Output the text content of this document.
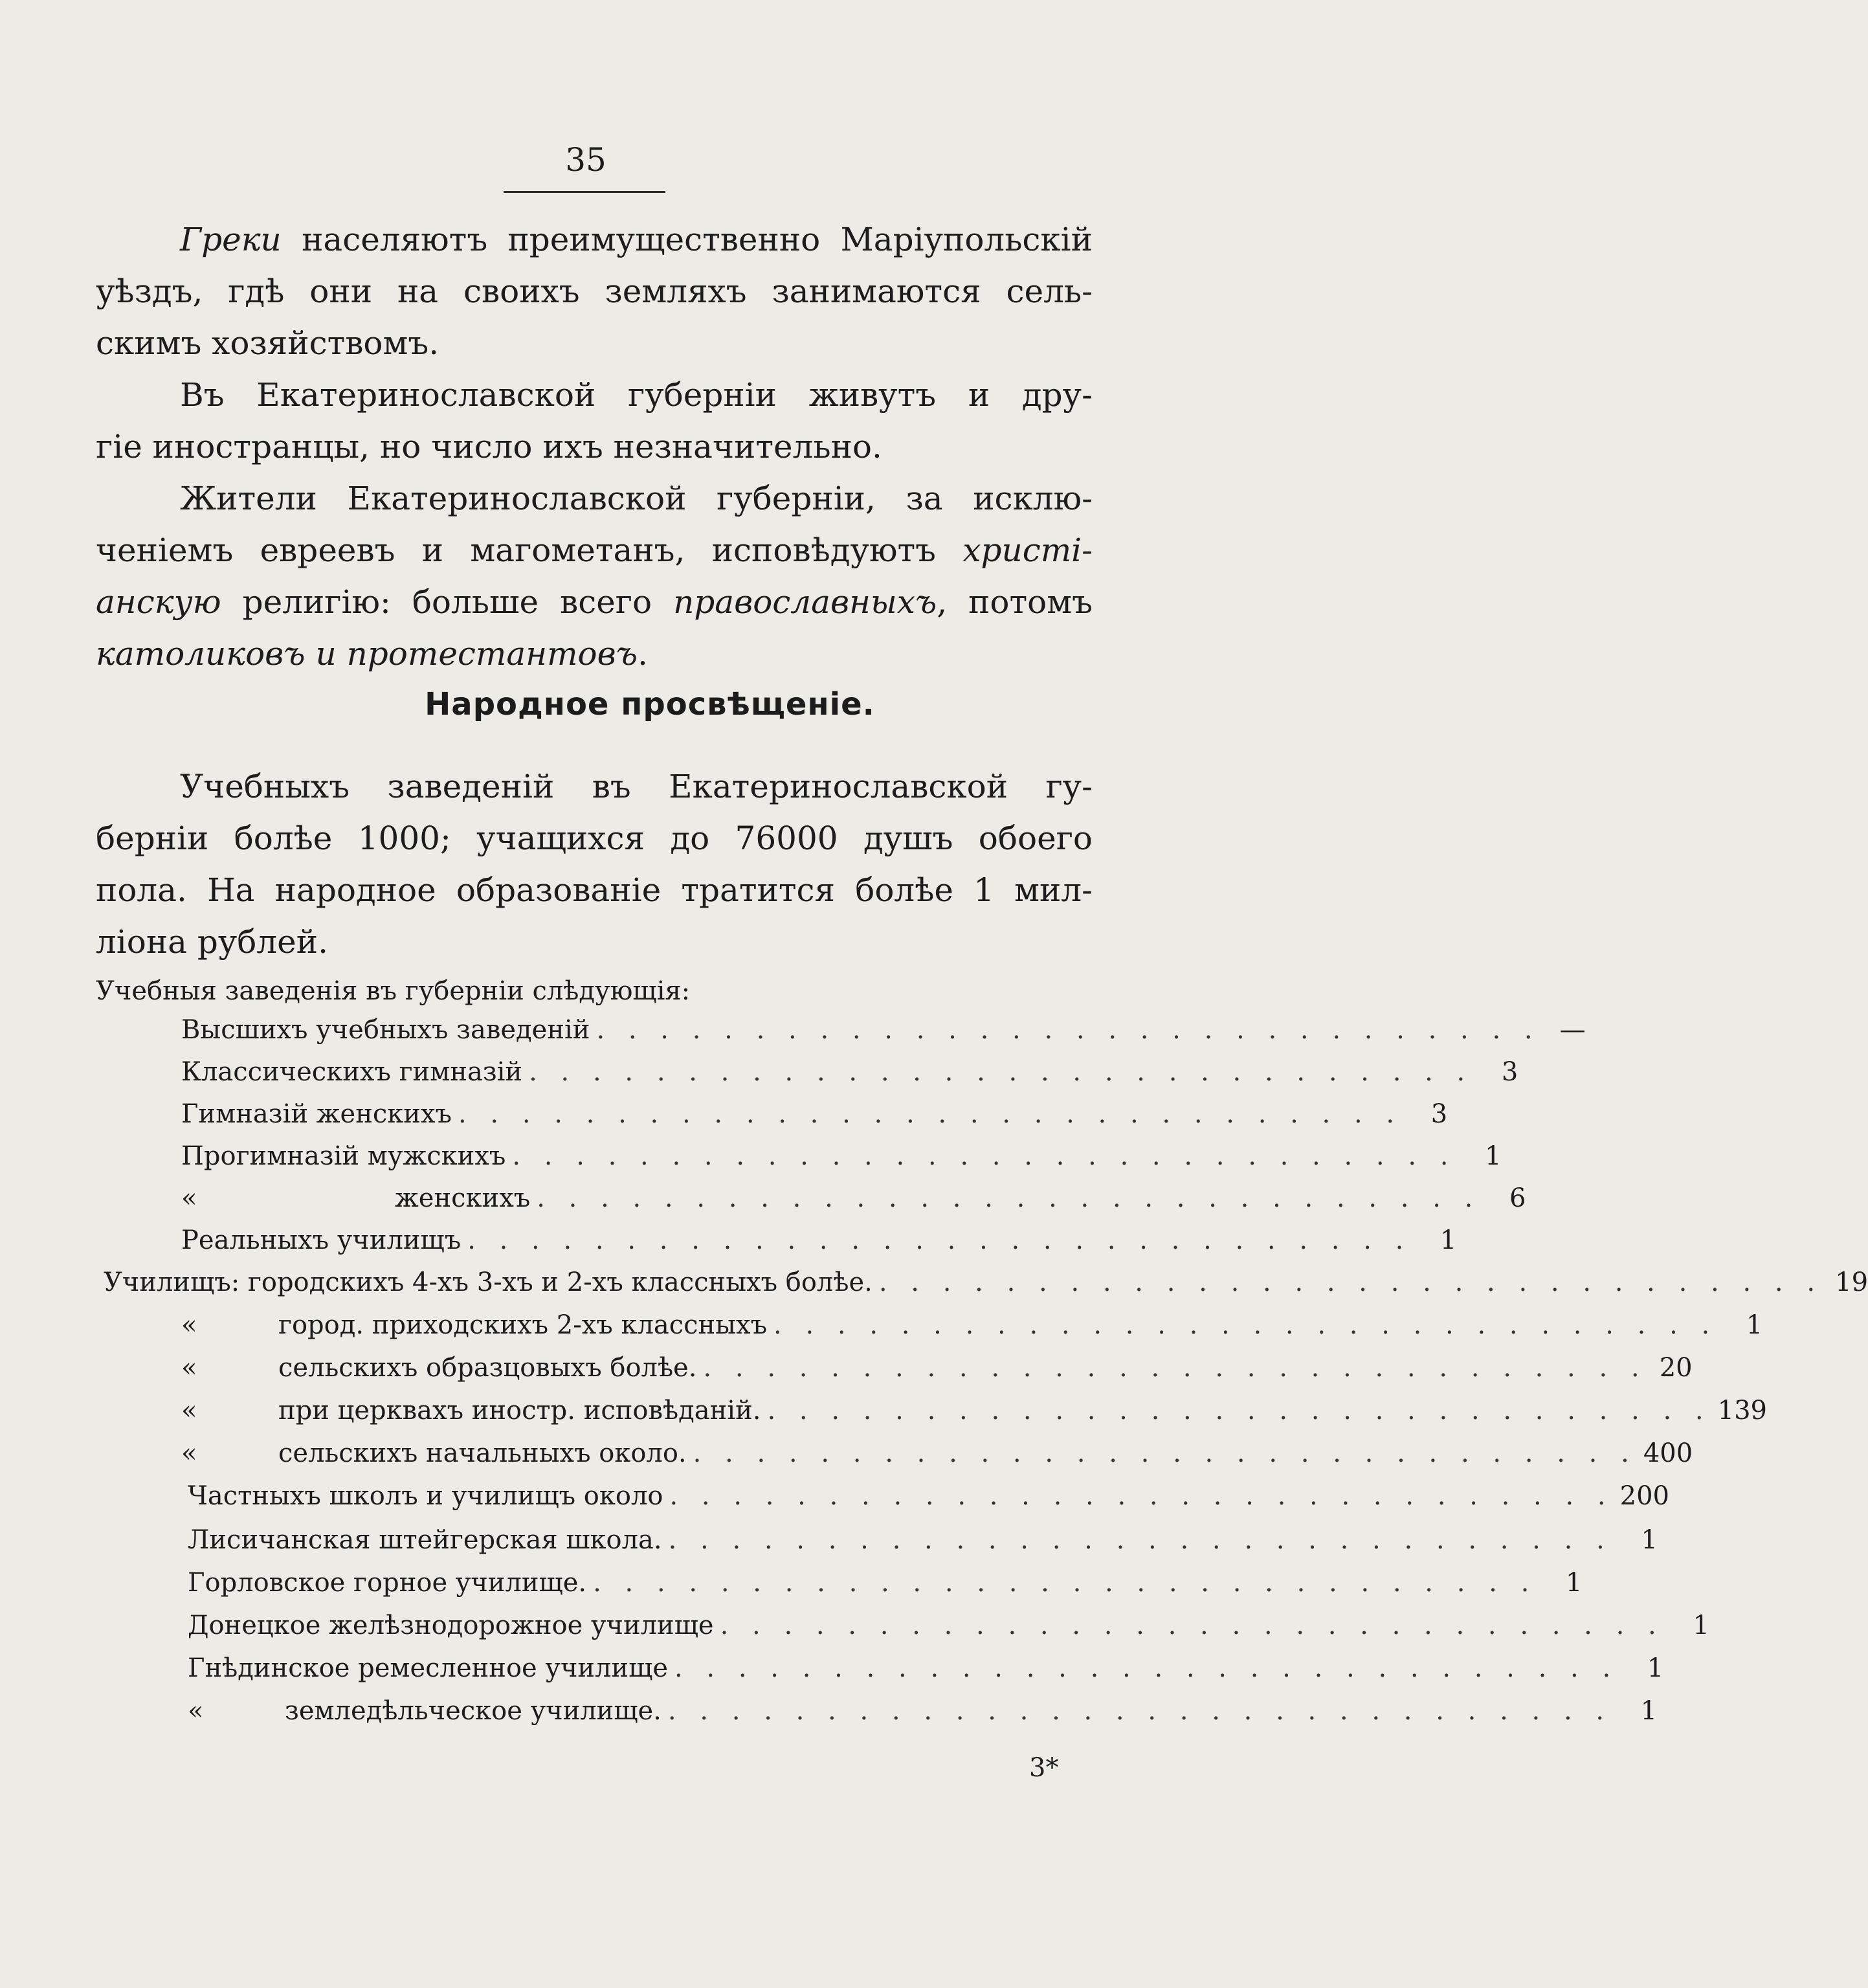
35
Греки населяютъ преимущественно Маріупольскій
уѣздъ, гдѣ они на своихъ земляхъ занимаются сель-
скимъ хозяйствомъ.
Въ Екатеринославской губерніи живутъ и дру-
гіе иностранцы, но число ихъ незначительно.
Жители Екатеринославской губерніи, за исклю-
ченіемъ евреевъ и магометанъ, исповѣдуютъ христі-
анскую религію: больше всего православныхъ, потомъ
католиковъ и протестантовъ.
Народное просвѣщеніе.
Учебныхъ заведеній въ Екатеринославской гу-
берніи болѣе 1000; учащихся до 76000 душъ обоего
пола. На народное образованіе тратится болѣе 1 мил-
ліона рублей.
Учебныя заведенія въ губерніи слѣдующія:
Высшихъ учебныхъ заведеній . . . . . . . . . . . . . . . . . . . . . . . . . . . . . . —
Классическихъ гимназій . . . . . . . . . . . . . . . . . . . . . . . . . . . . . .	3
Гимназій женскихъ . . . . . . . . . . . . . . . . . . . . . . . . . . . . . .	3
Прогимназій мужскихъ . . . . . . . . . . . . . . . . . . . . . . . . . . . . . .	1
«	женскихъ . . . . . . . . . . . . . . . . . . . . . . . . . . . . . .	6
Реальныхъ училищъ . . . . . . . . . . . . . . . . . . . . . . . . . . . . . .	1
Училищъ: городскихъ 4-хъ 3-хъ и 2-хъ классныхъ болѣе. . . . . . . . . . . . . . . . . . . . . . . . . . . . . . . 19
«	город. приходскихъ 2-хъ классныхъ . . . . . . . . . . . . . . . . . . . . . . . . . . . . . .	1
«	сельскихъ образцовыхъ болѣе. . . . . . . . . . . . . . . . . . . . . . . . . . . . . . . 20
«	при церквахъ иностр. исповѣданій. . . . . . . . . . . . . . . . . . . . . . . . . . . . . . . 139
«	сельскихъ начальныхъ около. . . . . . . . . . . . . . . . . . . . . . . . . . . . . . . 400
Частныхъ школъ и училищъ около . . . . . . . . . . . . . . . . . . . . . . . . . . . . . . 200
Лисичанская штейгерская школа. . . . . . . . . . . . . . . . . . . . . . . . . . . . . . .	1
Горловское горное училище. . . . . . . . . . . . . . . . . . . . . . . . . . . . . . .	1
Донецкое желѣзнодорожное училище . . . . . . . . . . . . . . . . . . . . . . . . . . . . . .	1
Гнѣдинское ремесленное училище . . . . . . . . . . . . . . . . . . . . . . . . . . . . . .	1
«	земледѣльческое училище. . . . . . . . . . . . . . . . . . . . . . . . . . . . . . .	1
3*
